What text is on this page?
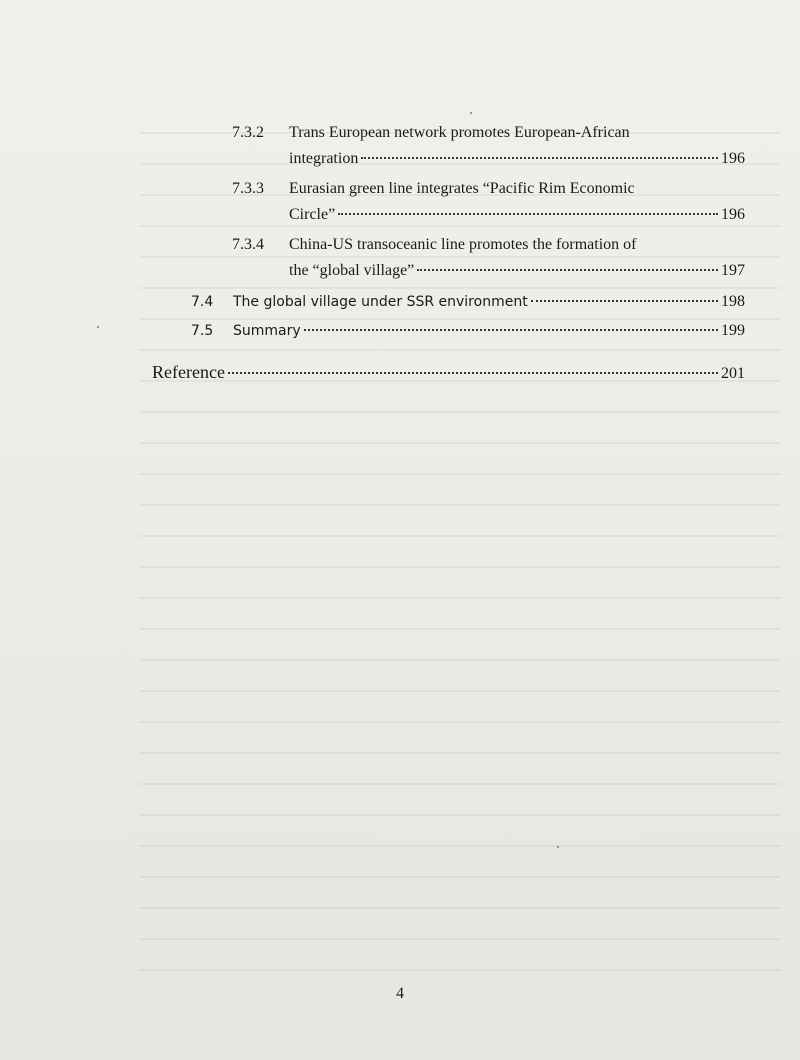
7.3.2	Trans European network promotes European-African
integration	196
7.3.3	Eurasian green line integrates “Pacific Rim Economic
Circle”	196
7.3.4	China-US transoceanic line promotes the formation of
the “global village”	197
7.4	The global village under SSR environment	198
7.5	Summary	199
Reference	201
4
